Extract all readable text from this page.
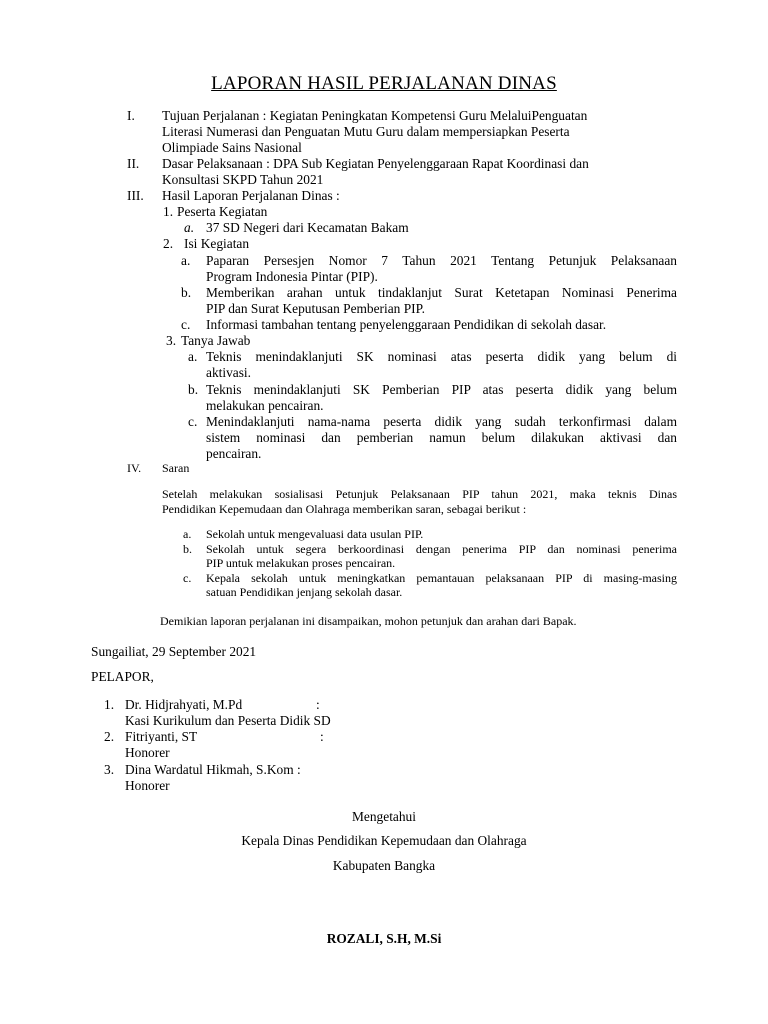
LAPORAN HASIL PERJALANAN DINAS
I. Tujuan Perjalanan : Kegiatan Peningkatan Kompetensi Guru MelaluiPenguatan
Literasi Numerasi dan Penguatan Mutu Guru dalam mempersiapkan Peserta
Olimpiade Sains Nasional
II. Dasar Pelaksanaan : DPA Sub Kegiatan Penyelenggaraan Rapat Koordinasi dan
Konsultasi SKPD Tahun 2021
III. Hasil Laporan Perjalanan Dinas :
1. Peserta Kegiatan
a. 37 SD Negeri dari Kecamatan Bakam
2. Isi Kegiatan
a. Paparan Persesjen Nomor 7 Tahun 2021 Tentang Petunjuk Pelaksanaan
Program Indonesia Pintar (PIP).
b. Memberikan arahan untuk tindaklanjut Surat Ketetapan Nominasi Penerima
PIP dan Surat Keputusan Pemberian PIP.
c. Informasi tambahan tentang penyelenggaraan Pendidikan di sekolah dasar.
3. Tanya Jawab
a. Teknis menindaklanjuti SK nominasi atas peserta didik yang belum di
aktivasi.
b. Teknis menindaklanjuti SK Pemberian PIP atas peserta didik yang belum
melakukan pencairan.
c. Menindaklanjuti nama-nama peserta didik yang sudah terkonfirmasi dalam
sistem nominasi dan pemberian namun belum dilakukan aktivasi dan
pencairan.
IV. Saran
Setelah melakukan sosialisasi Petunjuk Pelaksanaan PIP tahun 2021, maka teknis Dinas
Pendidikan Kepemudaan dan Olahraga memberikan saran, sebagai berikut :
a. Sekolah untuk mengevaluasi data usulan PIP.
b. Sekolah untuk segera berkoordinasi dengan penerima PIP dan nominasi penerima
PIP untuk melakukan proses pencairan.
c. Kepala sekolah untuk meningkatkan pemantauan pelaksanaan PIP di masing-masing
satuan Pendidikan jenjang sekolah dasar.
Demikian laporan perjalanan ini disampaikan, mohon petunjuk dan arahan dari Bapak.
Sungailiat, 29 September 2021
PELAPOR,
1. Dr. Hidjrahyati, M.Pd	:
Kasi Kurikulum dan Peserta Didik SD
2. Fitriyanti, ST	:
Honorer
3. Dina Wardatul Hikmah, S.Kom :
Honorer
Mengetahui
Kepala Dinas Pendidikan Kepemudaan dan Olahraga
Kabupaten Bangka
ROZALI, S.H, M.Si
